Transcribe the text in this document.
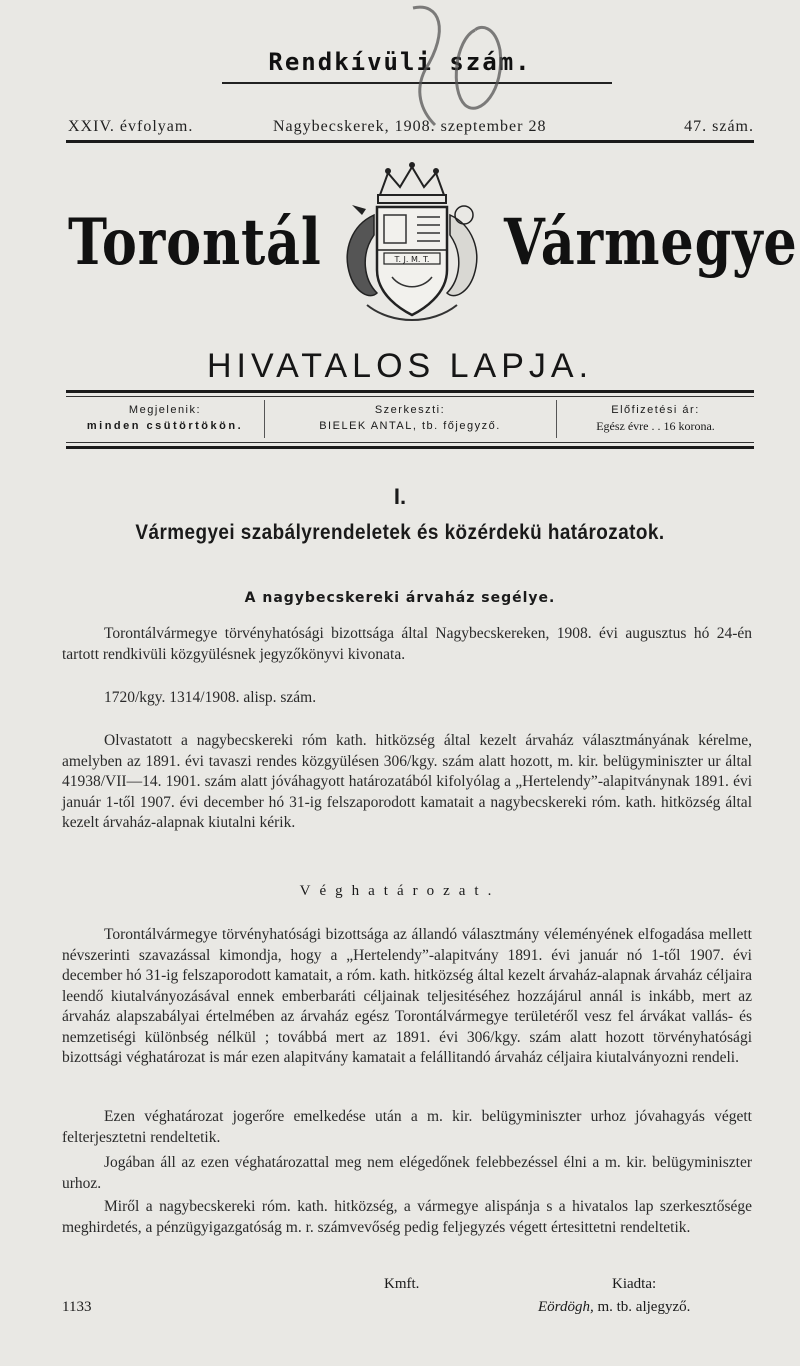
Rendkívüli szám.
XXIV. évfolyam.	Nagybecskerek, 1908. szeptember 28	47. szám.
Torontál	Vármegye
T. J. M. T.
HIVATALOS LAPJA.
Megjelenik:
minden csütörtökön.
Szerkeszti:
BIELEK ANTAL, tb. főjegyző.
Előfizetési ár:
Egész évre . . 16 korona.
I.
Vármegyei szabályrendeletek és közérdekü határozatok.
A nagybecskereki árvaház segélye.
Torontálvármegye törvényhatósági bizottsága által Nagybecskereken, 1908. évi augusztus hó 24-én tartott rendkivüli közgyülésnek jegyzőkönyvi kivonata.
1720/kgy. 1314/1908. alisp. szám.
Olvastatott a nagybecskereki róm kath. hitközség által kezelt árvaház választmányának kérelme, amelyben az 1891. évi tavaszi rendes közgyülésen 306/kgy. szám alatt hozott, m. kir. belügyminiszter ur által 41938/VII—14. 1901. szám alatt jóváhagyott határozatából kifolyólag a „Hertelendy”-alapitványnak 1891. évi január 1-től 1907. évi december hó 31-ig felszaporodott kamatait a nagybecskereki róm. kath. hitközség által kezelt árvaház-alapnak kiutalni kérik.
Véghatározat.
Torontálvármegye törvényhatósági bizottsága az állandó választmány véleményének elfogadása mellett névszerinti szavazással kimondja, hogy a „Hertelendy”-alapitvány 1891. évi január nó 1-től 1907. évi december hó 31-ig felszaporodott kamatait, a róm. kath. hitközség által kezelt árvaház-alapnak árvaház céljaira leendő kiutalványozásával ennek emberbaráti céljainak teljesitéséhez hozzájárul annál is inkább, mert az árvaház alapszabályai értelmében az árvaház egész Torontálvármegye területéről vesz fel árvákat vallás- és nemzetiségi különbség nélkül ; továbbá mert az 1891. évi 306/kgy. szám alatt hozott törvényhatósági bizottsági véghatározat is már ezen alapitvány kamatait a felállitandó árvaház céljaira kiutalványozni rendeli.
Ezen véghatározat jogerőre emelkedése után a m. kir. belügyminiszter urhoz jóvahagyás végett felterjesztetni rendeltetik.
Jogában áll az ezen véghatározattal meg nem elégedőnek felebbezéssel élni a m. kir. belügyminiszter urhoz.
Miről a nagybecskereki róm. kath. hitközség, a vármegye alispánja s a hivatalos lap szerkesztősége meghirdetés, a pénzügyigazgatóság m. r. számvevőség pedig feljegyzés végett értesittetni rendeltetik.
Kmft.	Kiadta:
Eördögh, m. tb. aljegyző.
1133
